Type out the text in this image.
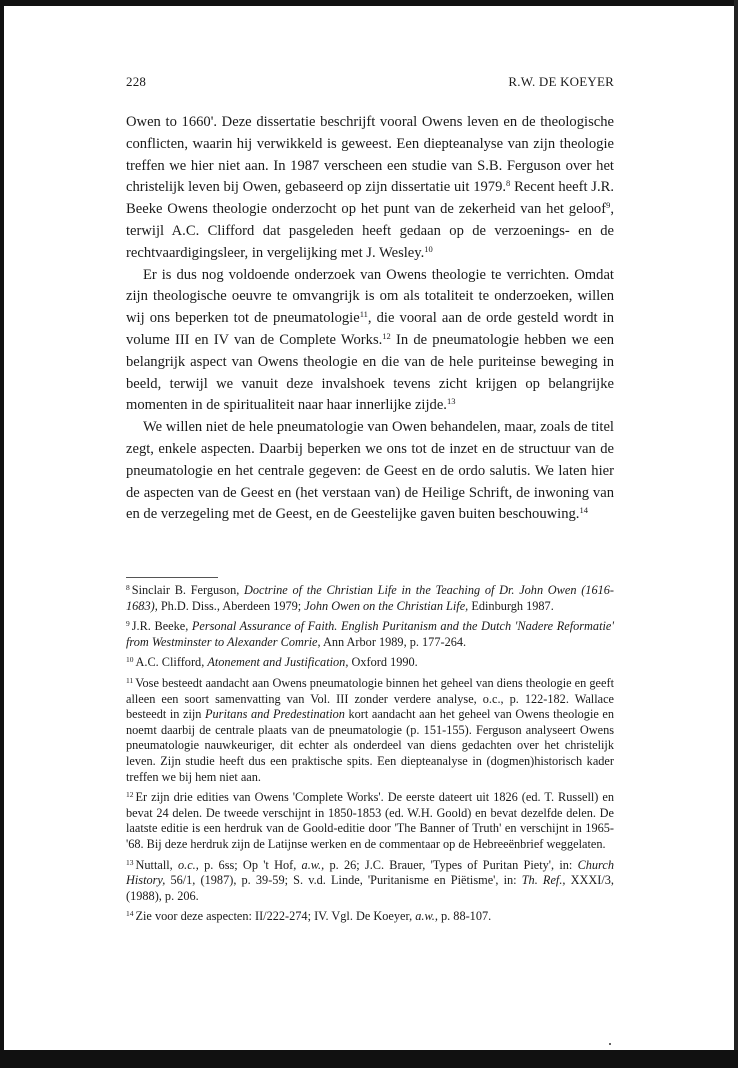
228	R.W. DE KOEYER

Owen to 1660'. Deze dissertatie beschrijft vooral Owens leven en de theologische conflicten, waarin hij verwikkeld is geweest. Een diepteanalyse van zijn theologie treffen we hier niet aan. In 1987 verscheen een studie van S.B. Ferguson over het christelijk leven bij Owen, gebaseerd op zijn dissertatie uit 1979.$^8$ Recent heeft J.R. Beeke Owens theologie onderzocht op het punt van de zekerheid van het geloof$^9$, terwijl A.C. Clifford dat pasgeleden heeft gedaan op de verzoenings- en de rechtvaardigingsleer, in vergelijking met J. Wesley.$^{10}$

Er is dus nog voldoende onderzoek van Owens theologie te verrichten. Omdat zijn theologische oeuvre te omvangrijk is om als totaliteit te onderzoeken, willen wij ons beperken tot de pneumatologie$^{11}$, die vooral aan de orde gesteld wordt in volume III en IV van de Complete Works.$^{12}$ In de pneumatologie hebben we een belangrijk aspect van Owens theologie en die van de hele puriteinse beweging in beeld, terwijl we vanuit deze invalshoek tevens zicht krijgen op belangrijke momenten in de spiritualiteit naar haar innerlijke zijde.$^{13}$

We willen niet de hele pneumatologie van Owen behandelen, maar, zoals de titel zegt, enkele aspecten. Daarbij beperken we ons tot de inzet en de structuur van de pneumatologie en het centrale gegeven: de Geest en de ordo salutis. We laten hier de aspecten van de Geest en (het verstaan van) de Heilige Schrift, de inwoning van en de verzegeling met de Geest, en de Geestelijke gaven buiten beschouwing.$^{14}$

$^8$ Sinclair B. Ferguson, Doctrine of the Christian Life in the Teaching of Dr. John Owen (1616-1683), Ph.D. Diss., Aberdeen 1979; John Owen on the Christian Life, Edinburgh 1987.

$^9$ J.R. Beeke, Personal Assurance of Faith. English Puritanism and the Dutch 'Nadere Reformatie' from Westminster to Alexander Comrie, Ann Arbor 1989, p. 177-264.

$^{10}$ A.C. Clifford, Atonement and Justification, Oxford 1990.

$^{11}$ Vose besteedt aandacht aan Owens pneumatologie binnen het geheel van diens theologie en geeft alleen een soort samenvatting van Vol. III zonder verdere analyse, o.c., p. 122-182. Wallace besteedt in zijn Puritans and Predestination kort aandacht aan het geheel van Owens theologie en noemt daarbij de centrale plaats van de pneumatologie (p. 151-155). Ferguson analyseert Owens pneumatologie nauwkeuriger, dit echter als onderdeel van diens gedachten over het christelijk leven. Zijn studie heeft dus een praktische spits. Een diepteanalyse in (dogmen)historisch kader treffen we bij hem niet aan.

$^{12}$ Er zijn drie edities van Owens 'Complete Works'. De eerste dateert uit 1826 (ed. T. Russell) en bevat 24 delen. De tweede verschijnt in 1850-1853 (ed. W.H. Goold) en bevat dezelfde delen. De laatste editie is een herdruk van de Goold-editie door 'The Banner of Truth' en verschijnt in 1965-'68. Bij deze herdruk zijn de Latijnse werken en de commentaar op de Hebreeënbrief weggelaten.

$^{13}$ Nuttall, o.c., p. 6ss; Op 't Hof, a.w., p. 26; J.C. Brauer, 'Types of Puritan Piety', in: Church History, 56/1, (1987), p. 39-59; S. v.d. Linde, 'Puritanisme en Piëtisme', in: Th. Ref., XXXI/3, (1988), p. 206.

$^{14}$ Zie voor deze aspecten: II/222-274; IV. Vgl. De Koeyer, a.w., p. 88-107.
